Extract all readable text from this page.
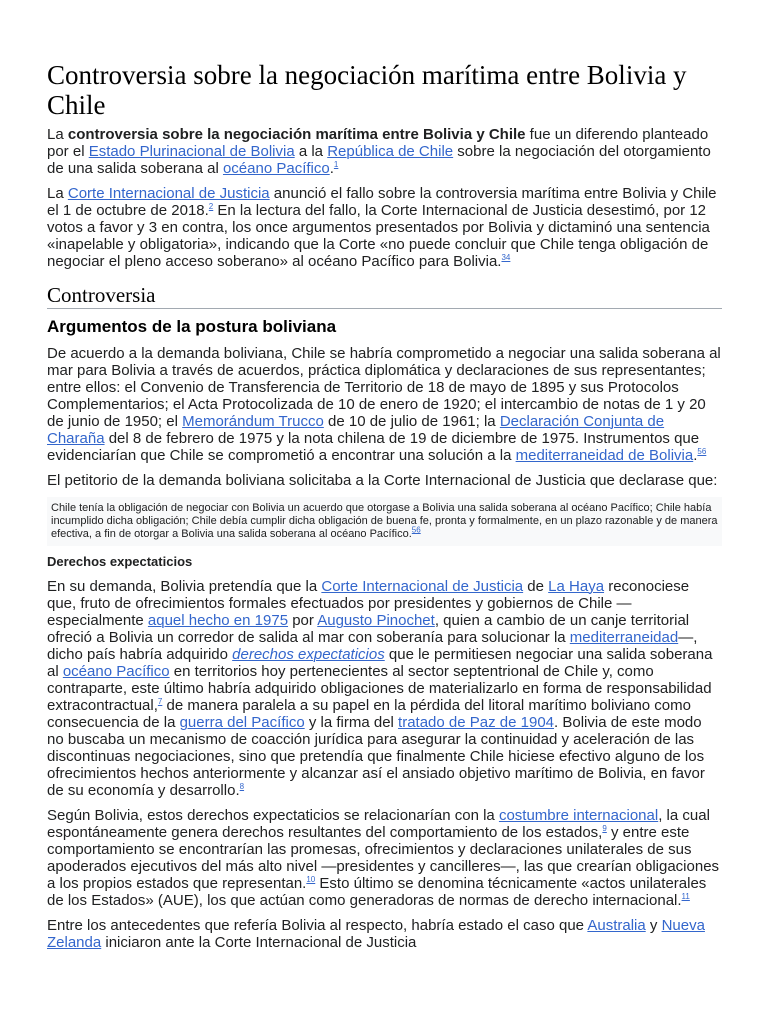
Controversia sobre la negociación marítima entre Bolivia y Chile

La controversia sobre la negociación marítima entre Bolivia y Chile fue un diferendo planteado por el Estado Plurinacional de Bolivia a la República de Chile sobre la negociación del otorgamiento de una salida soberana al océano Pacífico.$^1$

La Corte Internacional de Justicia anunció el fallo sobre la controversia marítima entre Bolivia y Chile el 1 de octubre de 2018.$^2$ En la lectura del fallo, la Corte Internacional de Justicia desestimó, por 12 votos a favor y 3 en contra, los once argumentos presentados por Bolivia y dictaminó una sentencia «inapelable y obligatoria», indicando que la Corte «no puede concluir que Chile tenga obligación de negociar el pleno acceso soberano» al océano Pacífico para Bolivia.$^{34}$

Controversia
Argumentos de la postura boliviana

De acuerdo a la demanda boliviana, Chile se habría comprometido a negociar una salida soberana al mar para Bolivia a través de acuerdos, práctica diplomática y declaraciones de sus representantes; entre ellos: el Convenio de Transferencia de Territorio de 18 de mayo de 1895 y sus Protocolos Complementarios; el Acta Protocolizada de 10 de enero de 1920; el intercambio de notas de 1 y 20 de junio de 1950; el Memorándum Trucco de 10 de julio de 1961; la Declaración Conjunta de Charaña del 8 de febrero de 1975 y la nota chilena de 19 de diciembre de 1975. Instrumentos que evidenciarían que Chile se comprometió a encontrar una solución a la mediterraneidad de Bolivia.$^{56}$

El petitorio de la demanda boliviana solicitaba a la Corte Internacional de Justicia que declarase que:

Chile tenía la obligación de negociar con Bolivia un acuerdo que otorgase a Bolivia una salida soberana al océano Pacífico; Chile había incumplido dicha obligación; Chile debía cumplir dicha obligación de buena fe, pronta y formalmente, en un plazo razonable y de manera efectiva, a fin de otorgar a Bolivia una salida soberana al océano Pacífico.$^{56}$
Derechos expectaticios

En su demanda, Bolivia pretendía que la Corte Internacional de Justicia de La Haya reconociese que, fruto de ofrecimientos formales efectuados por presidentes y gobiernos de Chile — especialmente aquel hecho en 1975 por Augusto Pinochet, quien a cambio de un canje territorial ofreció a Bolivia un corredor de salida al mar con soberanía para solucionar la mediterraneidad—, dicho país habría adquirido derechos expectaticios que le permitiesen negociar una salida soberana al océano Pacífico en territorios hoy pertenecientes al sector septentrional de Chile y, como contraparte, este último habría adquirido obligaciones de materializarlo en forma de responsabilidad extracontractual,$^7$ de manera paralela a su papel en la pérdida del litoral marítimo boliviano como consecuencia de la guerra del Pacífico y la firma del tratado de Paz de 1904. Bolivia de este modo no buscaba un mecanismo de coacción jurídica para asegurar la continuidad y aceleración de las discontinuas negociaciones, sino que pretendía que finalmente Chile hiciese efectivo alguno de los ofrecimientos hechos anteriormente y alcanzar así el ansiado objetivo marítimo de Bolivia, en favor de su economía y desarrollo.$^8$

Según Bolivia, estos derechos expectaticios se relacionarían con la costumbre internacional, la cual espontáneamente genera derechos resultantes del comportamiento de los estados,$^9$ y entre este comportamiento se encontrarían las promesas, ofrecimientos y declaraciones unilaterales de sus apoderados ejecutivos del más alto nivel —presidentes y cancilleres—, las que crearían obligaciones a los propios estados que representan.$^{10}$ Esto último se denomina técnicamente «actos unilaterales de los Estados» (AUE), los que actúan como generadoras de normas de derecho internacional.$^{11}$

Entre los antecedentes que refería Bolivia al respecto, habría estado el caso que Australia y Nueva Zelanda iniciaron ante la Corte Internacional de Justicia
